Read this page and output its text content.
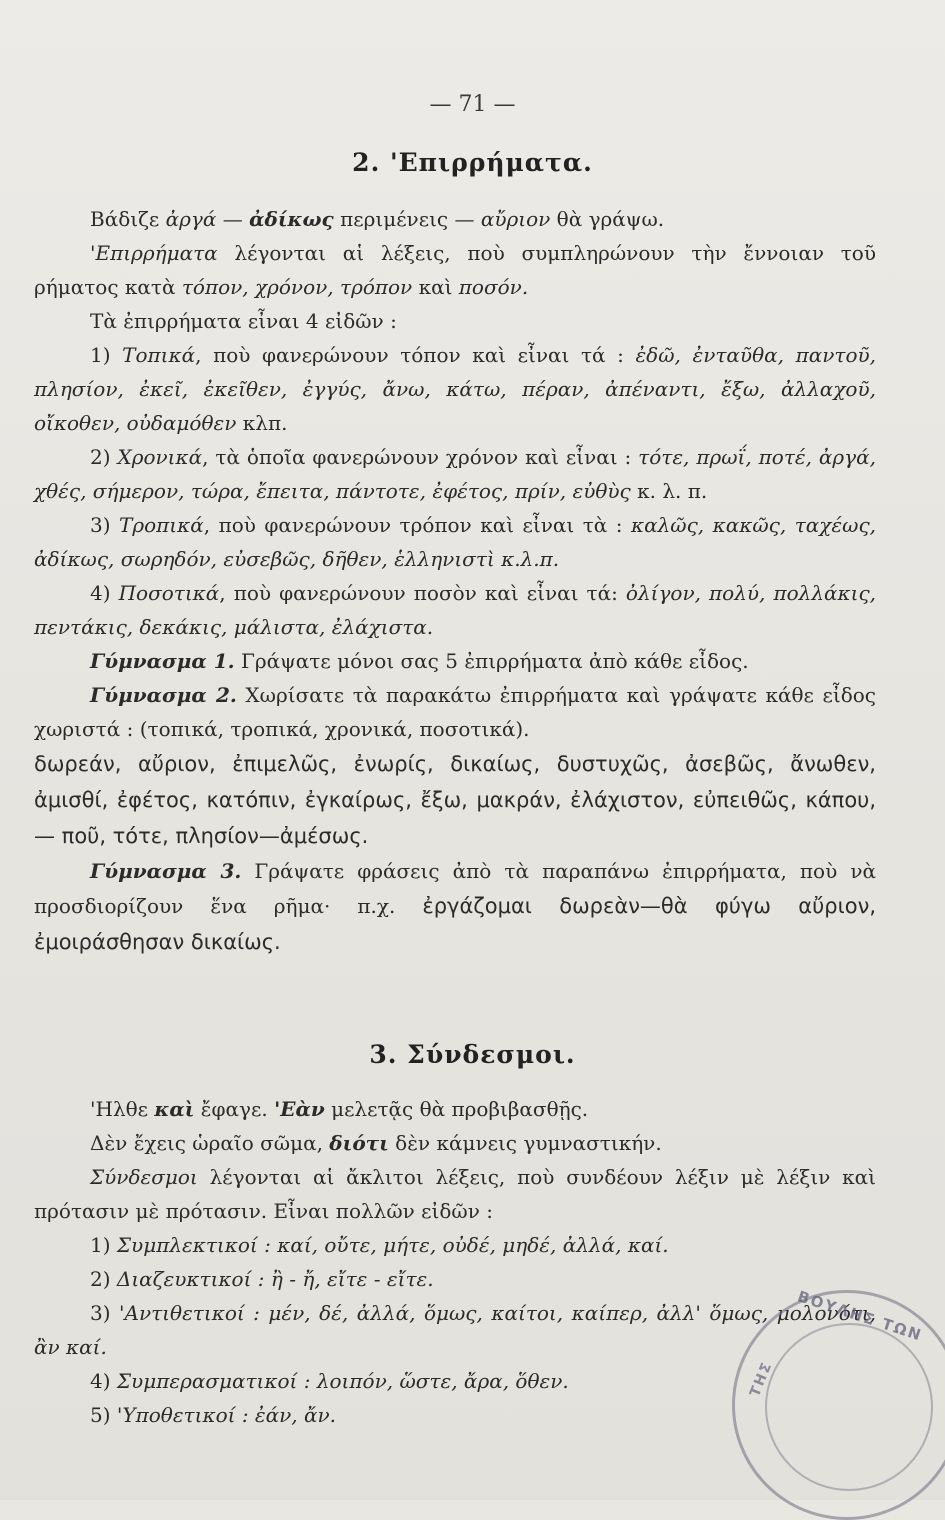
— 71 —
2. 'Επιρρήματα.

Βάδιζε ἀργά — ἀδίκως περιμένεις — αὔριον θὰ γράψω.

'Επιρρήματα λέγονται αἱ λέξεις, ποὺ συμπληρώνουν τὴν ἔννοιαν τοῦ ρήματος κατὰ τόπον, χρόνον, τρόπον καὶ ποσόν.

Τὰ ἐπιρρήματα εἶναι 4 εἰδῶν :

1) Τοπικά, ποὺ φανερώνουν τόπον καὶ εἶναι τά : ἐδῶ, ἐνταῦθα, παντοῦ, πλησίον, ἐκεῖ, ἐκεῖθεν, ἐγγύς, ἄνω, κάτω, πέραν, ἀπέναντι, ἔξω, ἀλλαχοῦ, οἴκοθεν, οὐδαμόθεν κλπ.

2) Χρονικά, τὰ ὁποῖα φανερώνουν χρόνον καὶ εἶναι : τότε, πρωΐ, ποτέ, ἀργά, χθές, σήμερον, τώρα, ἔπειτα, πάντοτε, ἐφέτος, πρίν, εὐθὺς κ. λ. π.

3) Τροπικά, ποὺ φανερώνουν τρόπον καὶ εἶναι τὰ : καλῶς, κακῶς, ταχέως, ἀδίκως, σωρηδόν, εὐσεβῶς, δῆθεν, ἑλληνιστὶ κ.λ.π.

4) Ποσοτικά, ποὺ φανερώνουν ποσὸν καὶ εἶναι τά: ὀλίγον, πολύ, πολλάκις, πεντάκις, δεκάκις, μάλιστα, ἐλάχιστα.

Γύμνασμα 1. Γράψατε μόνοι σας 5 ἐπιρρήματα ἀπὸ κάθε εἶδος.

Γύμνασμα 2. Χωρίσατε τὰ παρακάτω ἐπιρρήματα καὶ γράψατε κάθε εἶδος χωριστά : (τοπικά, τροπικά, χρονικά, ποσοτικά).

δωρεάν, αὔριον, ἐπιμελῶς, ἐνωρίς, δικαίως, δυστυχῶς, ἀσεβῶς, ἄνωθεν, ἀμισθί, ἐφέτος, κατόπιν, ἐγκαίρως, ἔξω, μακράν, ἐλάχιστον, εὐπειθῶς, κάπου, — ποῦ, τότε, πλησίον—ἀμέσως.

Γύμνασμα 3. Γράψατε φράσεις ἀπὸ τὰ παραπάνω ἐπιρρήματα, ποὺ νὰ προσδιορίζουν ἕνα ρῆμα· π.χ. ἐργάζομαι δωρεὰν—θὰ φύγω αὔριον, ἐμοιράσθησαν δικαίως.

3. Σύνδεσμοι.

'Ηλθε καὶ ἔφαγε. 'Εὰν μελετᾷς θὰ προβιβασθῇς.

Δὲν ἔχεις ὡραῖο σῶμα, διότι δὲν κάμνεις γυμναστικήν.

Σύνδεσμοι λέγονται αἱ ἄκλιτοι λέξεις, ποὺ συνδέουν λέξιν μὲ λέξιν καὶ πρότασιν μὲ πρότασιν. Εἶναι πολλῶν εἰδῶν :

1) Συμπλεκτικοί : καί, οὔτε, μήτε, οὐδέ, μηδέ, ἀλλά, καί.

2) Διαζευκτικοί : ἢ - ἤ, εἴτε - εἴτε.

3) 'Αντιθετικοί : μέν, δέ, ἀλλά, ὅμως, καίτοι, καίπερ, ἀλλ' ὅμως, μολονότι, ἂν καί.

4) Συμπερασματικοί : λοιπόν, ὥστε, ἄρα, ὅθεν.

5) 'Υποθετικοί : ἐάν, ἄν.

ΒΟΥΛΗΣ ΤΩΝ
ΤΗΣ
